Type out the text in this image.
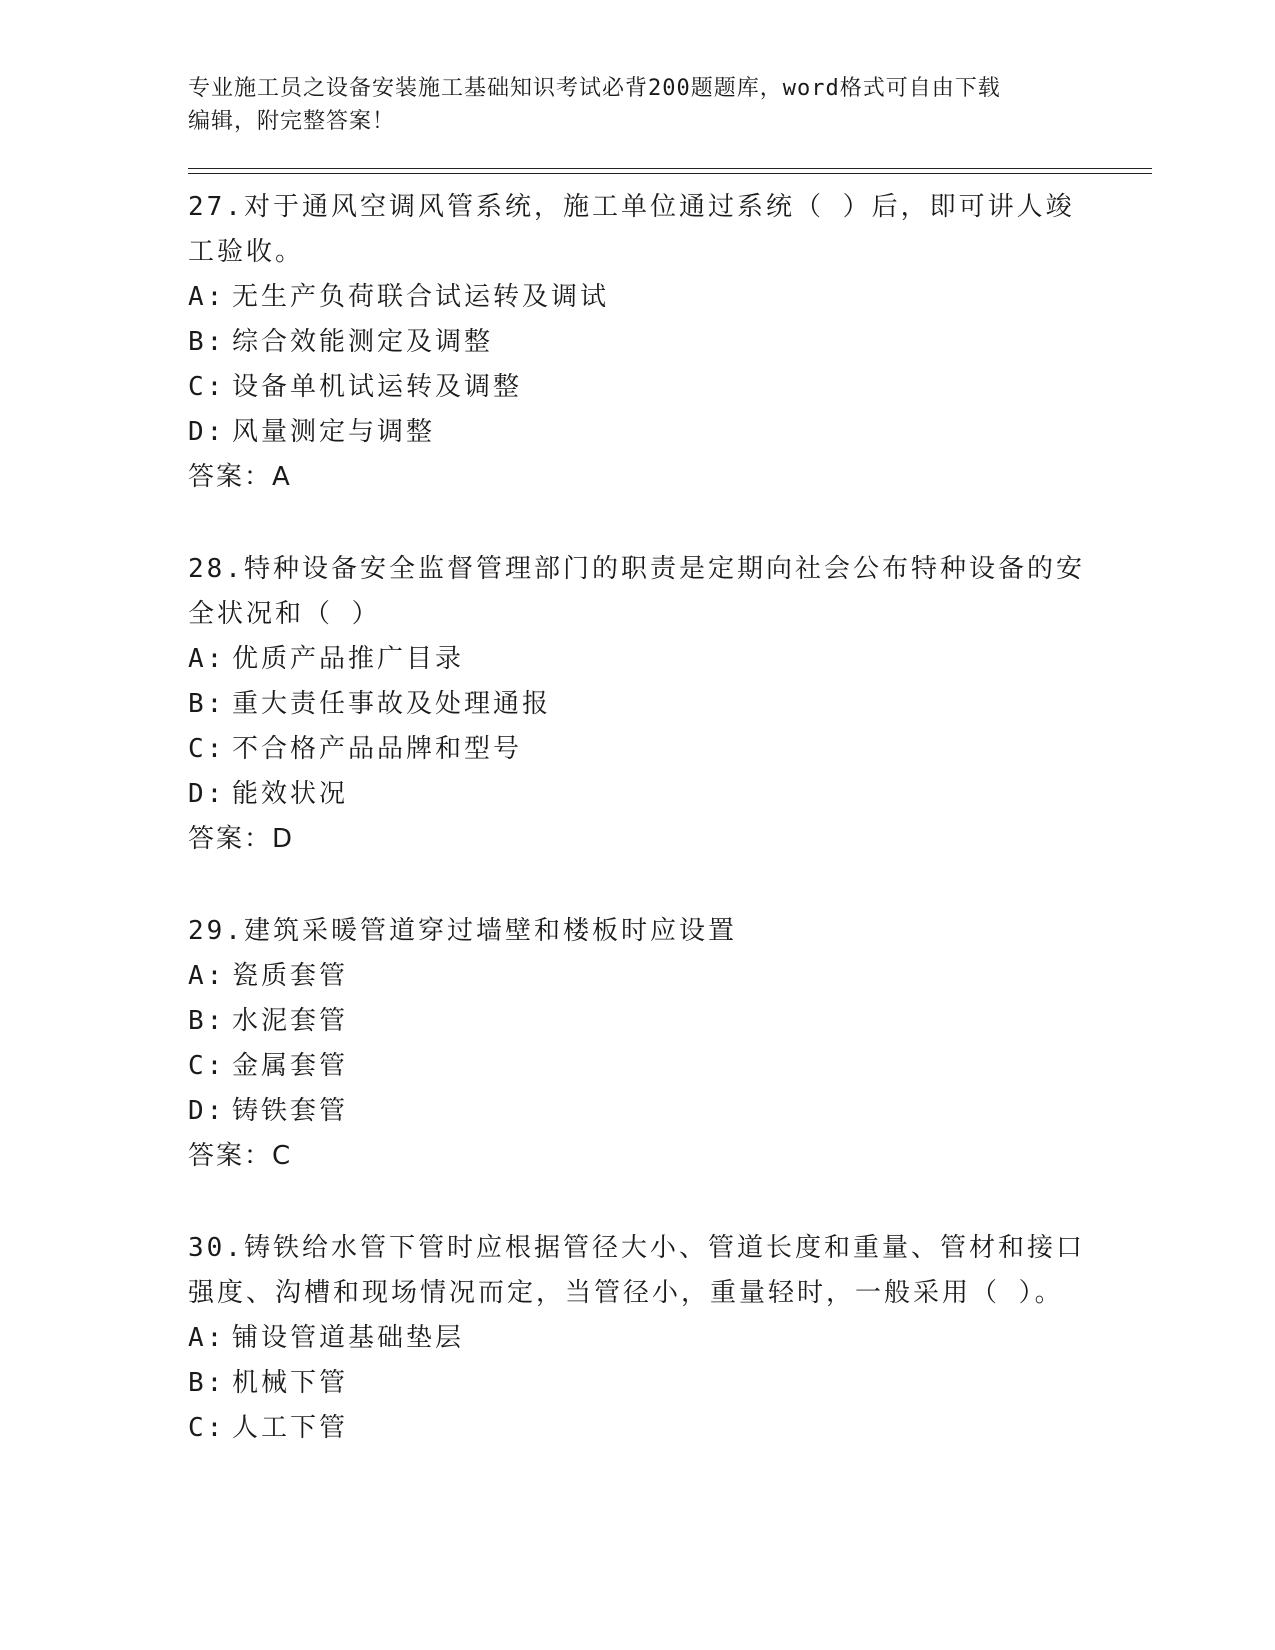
专业施工员之设备安装施工基础知识考试必背200题题库，word格式可自由下载
编辑，附完整答案！
27.对于通风空调风管系统，施工单位通过系统（ ）后，即可讲人竣
工验收。
A: 无生产负荷联合试运转及调试
B: 综合效能测定及调整
C: 设备单机试运转及调整
D: 风量测定与调整
答案：A
28.特种设备安全监督管理部门的职责是定期向社会公布特种设备的安
全状况和（ ）
A: 优质产品推广目录
B: 重大责任事故及处理通报
C: 不合格产品品牌和型号
D: 能效状况
答案：D
29.建筑采暖管道穿过墙壁和楼板时应设置
A: 瓷质套管
B: 水泥套管
C: 金属套管
D: 铸铁套管
答案：C
30.铸铁给水管下管时应根据管径大小、管道长度和重量、管材和接口
强度、沟槽和现场情况而定，当管径小，重量轻时，一般采用（ ）。
A: 铺设管道基础垫层
B: 机械下管
C: 人工下管
